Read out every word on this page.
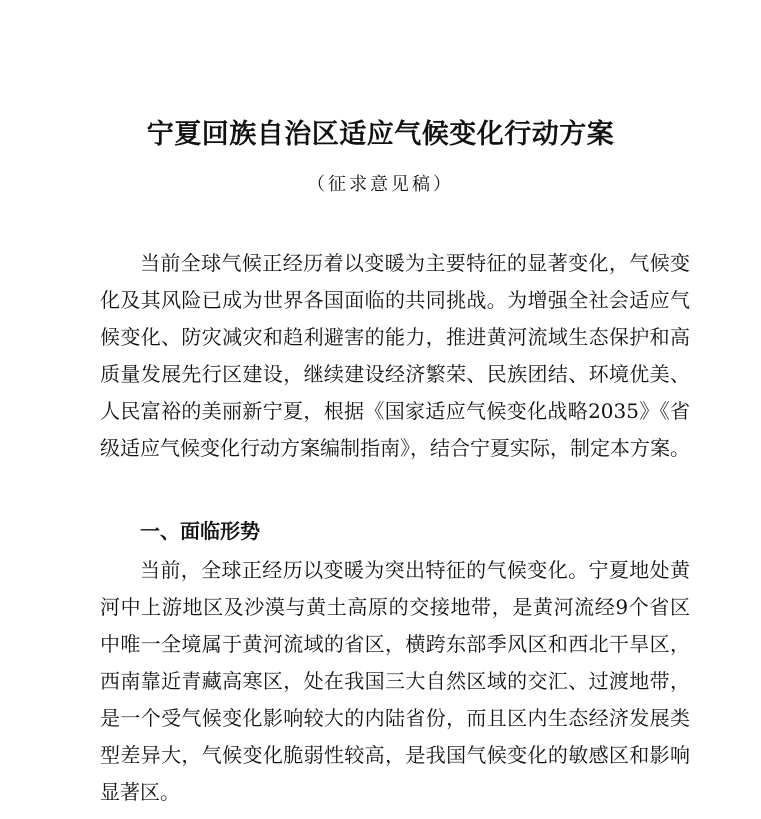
宁夏回族自治区适应气候变化行动方案

（征求意见稿）

当前全球气候正经历着以变暖为主要特征的显著变化，气候变化及其风险已成为世界各国面临的共同挑战。为增强全社会适应气候变化、防灾减灾和趋利避害的能力，推进黄河流域生态保护和高质量发展先行区建设，继续建设经济繁荣、民族团结、环境优美、人民富裕的美丽新宁夏，根据《国家适应气候变化战略2035》《省级适应气候变化行动方案编制指南》，结合宁夏实际，制定本方案。

一、面临形势

当前，全球正经历以变暖为突出特征的气候变化。宁夏地处黄河中上游地区及沙漠与黄土高原的交接地带，是黄河流经9个省区中唯一全境属于黄河流域的省区，横跨东部季风区和西北干旱区，西南靠近青藏高寒区，处在我国三大自然区域的交汇、过渡地带，是一个受气候变化影响较大的内陆省份，而且区内生态经济发展类型差异大，气候变化脆弱性较高，是我国气候变化的敏感区和影响显著区。
